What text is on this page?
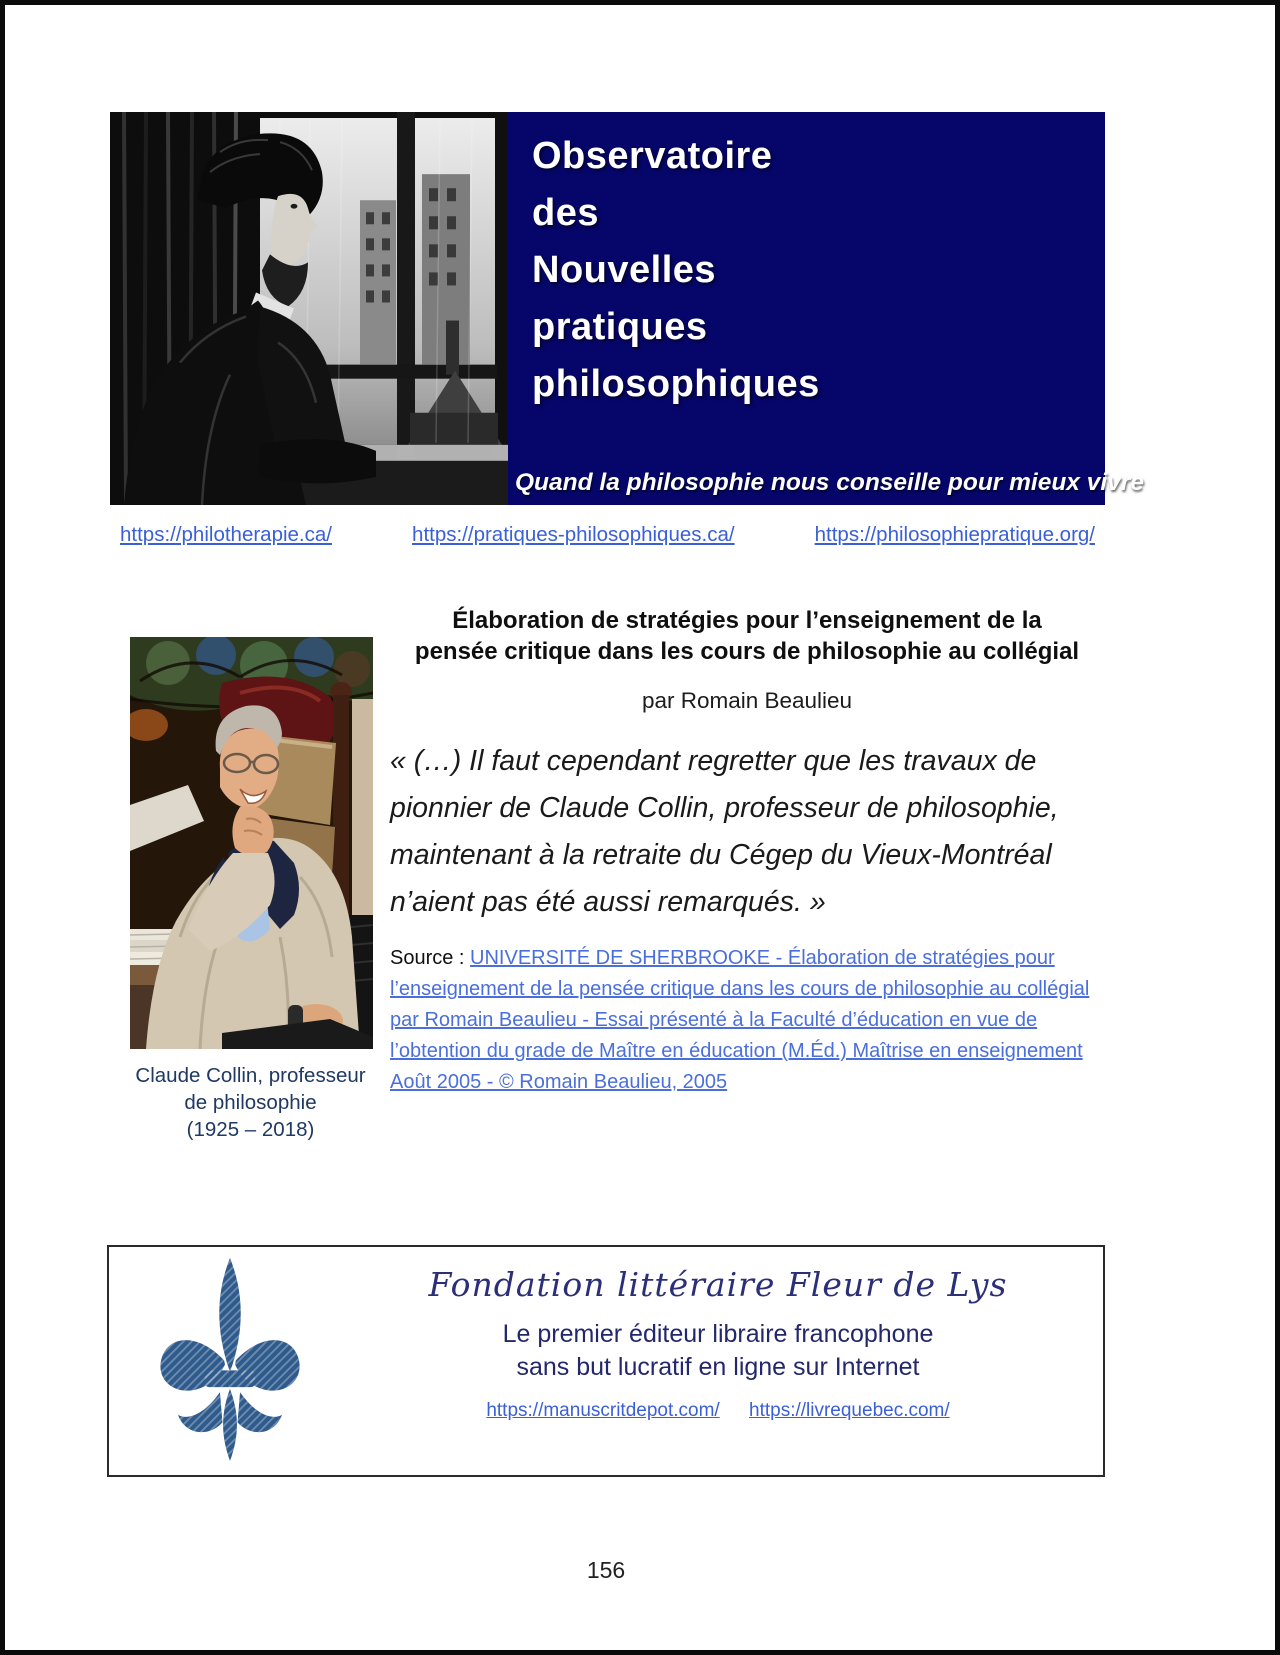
Observatoire
des
Nouvelles
pratiques
philosophiques
Quand la philosophie nous conseille pour mieux vivre
https://philotherapie.ca/	https://pratiques-philosophiques.ca/	https://philosophiepratique.org/
Claude Collin, professeur
de philosophie
(1925 – 2018)
Élaboration de stratégies pour l’enseignement de la pensée critique dans les cours de philosophie au collégial
par Romain Beaulieu
« (…) Il faut cependant regretter que les travaux de pionnier de Claude Collin, professeur de philosophie, maintenant à la retraite du Cégep du Vieux-Montréal n’aient pas été aussi remarqués. »
Source : UNIVERSITÉ DE SHERBROOKE - Élaboration de stratégies pour l’enseignement de la pensée critique dans les cours de philosophie au collégial par Romain Beaulieu - Essai présenté à la Faculté d’éducation en vue de l’obtention du grade de Maître en éducation (M.Éd.) Maîtrise en enseignement Août 2005 - © Romain Beaulieu, 2005
Fondation littéraire Fleur de Lys
Le premier éditeur libraire francophone
sans but lucratif en ligne sur Internet
https://manuscritdepot.com/ https://livrequebec.com/
156
